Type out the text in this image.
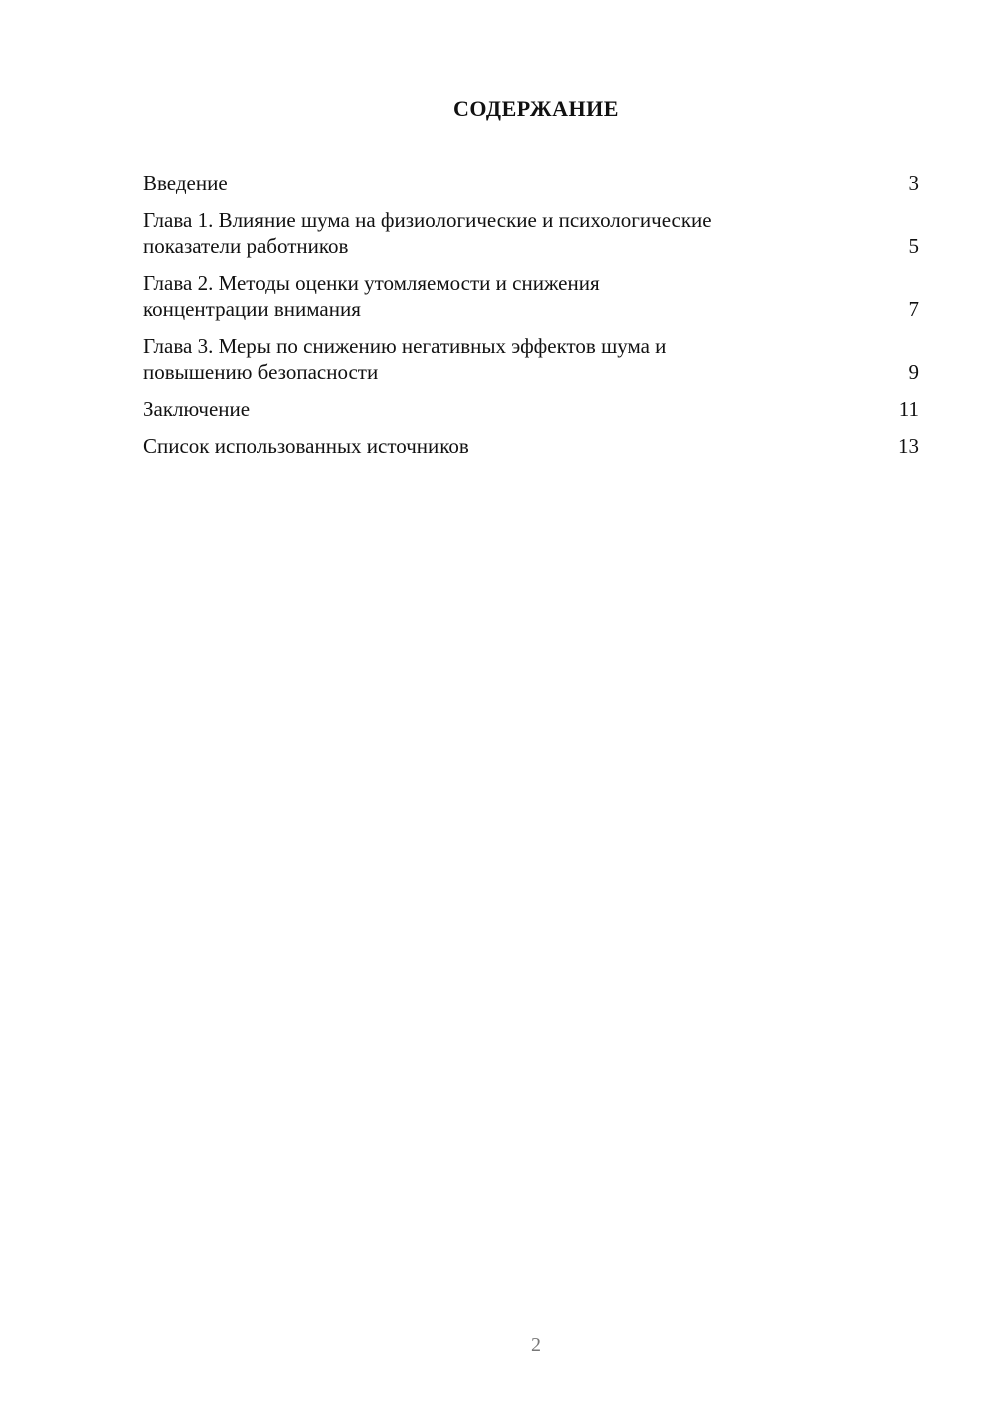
СОДЕРЖАНИЕ
Введение	3
Глава 1. Влияние шума на физиологические и психологические
показатели работников	5
Глава 2. Методы оценки утомляемости и снижения
концентрации внимания	7
Глава 3. Меры по снижению негативных эффектов шума и
повышению безопасности	9
Заключение	11
Список использованных источников	13
2
